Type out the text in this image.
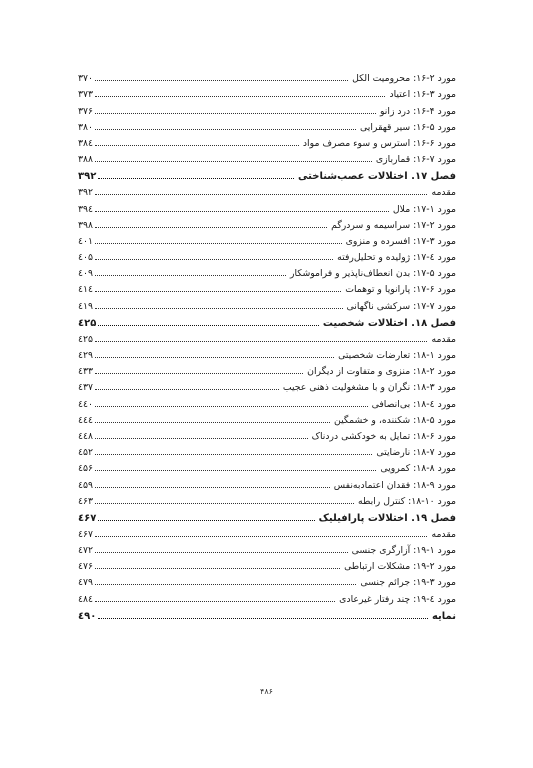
مورد ۲-۱۶: محرومیت الکل
۳۷۰
مورد ۳-۱۶: اعتیاد
۳۷۳
مورد ۴-۱۶: درد زانو
۳۷۶
مورد ۵-۱۶: سیر قهقرایی
۳۸۰
مورد ۶-۱۶: استرس و سوء مصرف مواد
۳۸٤
مورد ۷-۱۶: قماربازی
۳۸۸
فصل ۱۷. اختلالات عصب‌شناختی
۳۹۲
مقدمه
۳۹۲
مورد ۱-۱۷: ملال
۳۹٤
مورد ۲-۱۷: سراسیمه و سردرگم
۳۹۸
مورد ۳-۱۷: افسرده و منزوی
٤۰۱
مورد ٤-۱۷: ژولیده و تحلیل‌رفته
٤۰۵
مورد ۵-۱۷: بدن انعطاف‌ناپذیر و فراموشکار
٤۰۹
مورد ۶-۱۷: پارانویا و توهمات
٤۱٤
مورد ۷-۱۷: سرکشی ناگهانی
٤۱۹
فصل ۱۸. اختلالات شخصیت
٤۲۵
مقدمه
٤۲۵
مورد ۱-۱۸: تعارضات شخصیتی
٤۲۹
مورد ۲-۱۸: منزوی و متفاوت از دیگران
٤۳۳
مورد ۳-۱۸: نگران و با مشغولیت ذهنی عجیب
٤۳۷
مورد ٤-۱۸: بی‌انصافی
٤٤۰
مورد ۵-۱۸: شکننده، و خشمگین
٤٤٤
مورد ۶-۱۸: تمایل به خودکشی دردناک
٤٤۸
مورد ۷-۱۸: نارضایتی
٤۵۲
مورد ۸-۱۸: کمرویی
٤۵۶
مورد ۹-۱۸: فقدان اعتمادبه‌نفس
٤۵۹
مورد ۱۰-۱۸: کنترل رابطه
٤۶۳
فصل ۱۹. اختلالات پارافیلیک
٤۶۷
مقدمه
٤۶۷
مورد ۱-۱۹: آزارگری جنسی
٤۷۲
مورد ۲-۱۹: مشکلات ارتباطی
٤۷۶
مورد ۳-۱۹: جرائم جنسی
٤۷۹
مورد ٤-۱۹: چند رفتار غیرعادی
٤۸٤
نمایه
٤۹۰
۴۸۶
